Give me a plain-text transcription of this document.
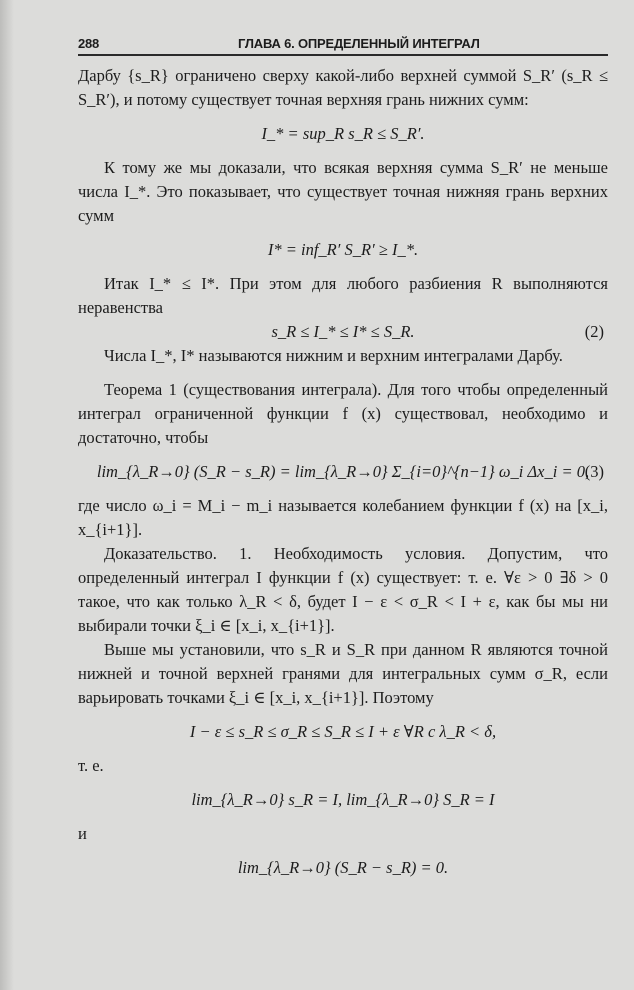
288	ГЛАВА 6. ОПРЕДЕЛЕННЫЙ ИНТЕГРАЛ

Дарбу {s_R} ограничено сверху какой-либо верхней суммой S_R′ (s_R ≤ S_R′), и потому существует точная верхняя грань нижних сумм:

I_* = sup_R s_R ≤ S_R′.

К тому же мы доказали, что всякая верхняя сумма S_R′ не меньше числа I_*. Это показывает, что существует точная нижняя грань верхних сумм

I* = inf_R′ S_R′ ≥ I_*.

Итак I_* ≤ I*. При этом для любого разбиения R выполняются неравенства

s_R ≤ I_* ≤ I* ≤ S_R.	(2)

Числа I_*, I* называются нижним и верхним интегралами Дарбу.

Теорема 1 (существования интеграла). Для того чтобы определенный интеграл ограниченной функции f (x) существовал, необходимо и достаточно, чтобы

lim_{λ_R→0} (S_R − s_R) = lim_{λ_R→0} Σ_{i=0}^{n−1} ω_i Δx_i = 0,
(3)

где число ω_i = M_i − m_i называется колебанием функции f (x) на [x_i, x_{i+1}].

Доказательство. 1. Необходимость условия. Допустим, что определенный интеграл I функции f (x) существует: т. е. ∀ε > 0 ∃δ > 0 такое, что как только λ_R < δ, будет I − ε < σ_R < I + ε, как бы мы ни выбирали точки ξ_i ∈ [x_i, x_{i+1}].

Выше мы установили, что s_R и S_R при данном R являются точной нижней и точной верхней гранями для интегральных сумм σ_R, если варьировать точками ξ_i ∈ [x_i, x_{i+1}]. Поэтому

I − ε ≤ s_R ≤ σ_R ≤ S_R ≤ I + ε ∀R c λ_R < δ,

т. е.

lim_{λ_R→0} s_R = I, lim_{λ_R→0} S_R = I

и

lim_{λ_R→0} (S_R − s_R) = 0.
